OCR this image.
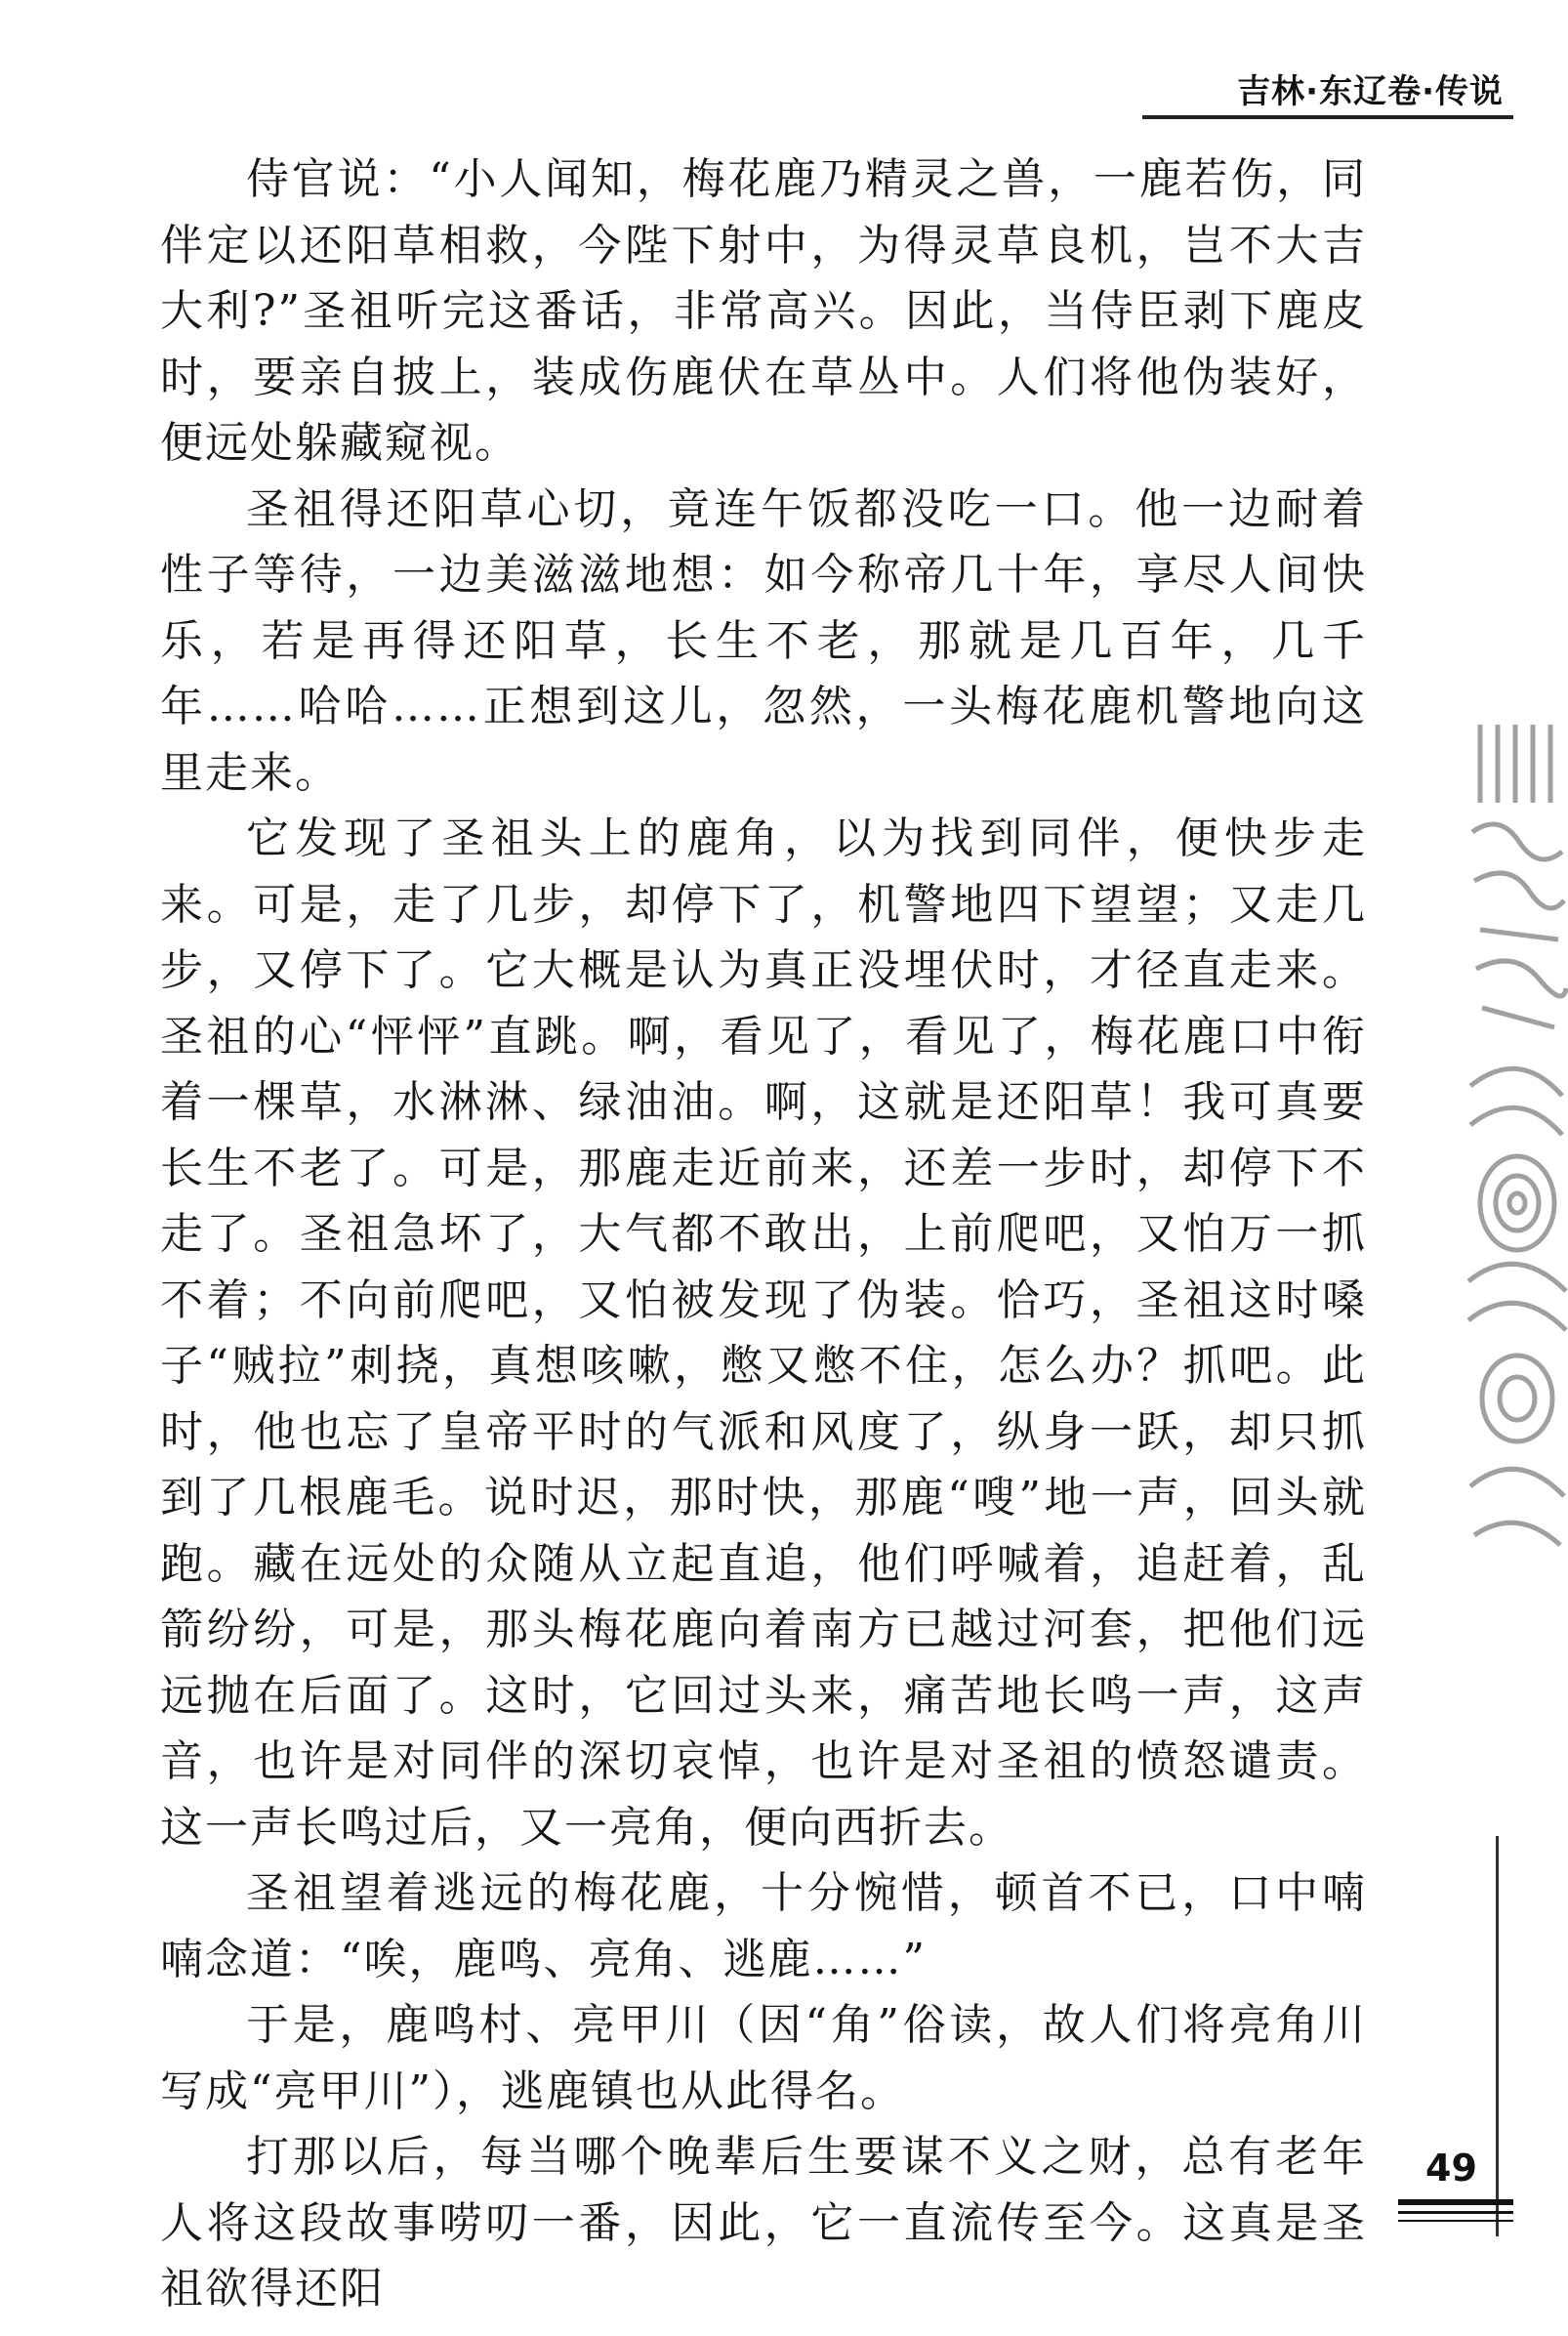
吉林·东辽卷·传说

侍官说：“小人闻知，梅花鹿乃精灵之兽，一鹿若伤，同伴定以还阳草相救，今陛下射中，为得灵草良机，岂不大吉大利?”圣祖听完这番话，非常高兴。因此，当侍臣剥下鹿皮时，要亲自披上，装成伤鹿伏在草丛中。人们将他伪装好，便远处躲藏窥视。

圣祖得还阳草心切，竟连午饭都没吃一口。他一边耐着性子等待，一边美滋滋地想：如今称帝几十年，享尽人间快乐，若是再得还阳草，长生不老，那就是几百年，几千年……哈哈……正想到这儿，忽然，一头梅花鹿机警地向这里走来。

它发现了圣祖头上的鹿角，以为找到同伴，便快步走来。可是，走了几步，却停下了，机警地四下望望；又走几步，又停下了。它大概是认为真正没埋伏时，才径直走来。圣祖的心“怦怦”直跳。啊，看见了，看见了，梅花鹿口中衔着一棵草，水淋淋、绿油油。啊，这就是还阳草！我可真要长生不老了。可是，那鹿走近前来，还差一步时，却停下不走了。圣祖急坏了，大气都不敢出，上前爬吧，又怕万一抓不着；不向前爬吧，又怕被发现了伪装。恰巧，圣祖这时嗓子“贼拉”刺挠，真想咳嗽，憋又憋不住，怎么办？抓吧。此时，他也忘了皇帝平时的气派和风度了，纵身一跃，却只抓到了几根鹿毛。说时迟，那时快，那鹿“嗖”地一声，回头就跑。藏在远处的众随从立起直追，他们呼喊着，追赶着，乱箭纷纷，可是，那头梅花鹿向着南方已越过河套，把他们远远抛在后面了。这时，它回过头来，痛苦地长鸣一声，这声音，也许是对同伴的深切哀悼，也许是对圣祖的愤怒谴责。这一声长鸣过后，又一亮角，便向西折去。

圣祖望着逃远的梅花鹿，十分惋惜，顿首不已，口中喃喃念道：“唉，鹿鸣、亮角、逃鹿……”

于是，鹿鸣村、亮甲川（因“角”俗读，故人们将亮角川写成“亮甲川”），逃鹿镇也从此得名。

打那以后，每当哪个晚辈后生要谋不义之财，总有老年人将这段故事唠叨一番，因此，它一直流传至今。这真是圣祖欲得还阳

49
